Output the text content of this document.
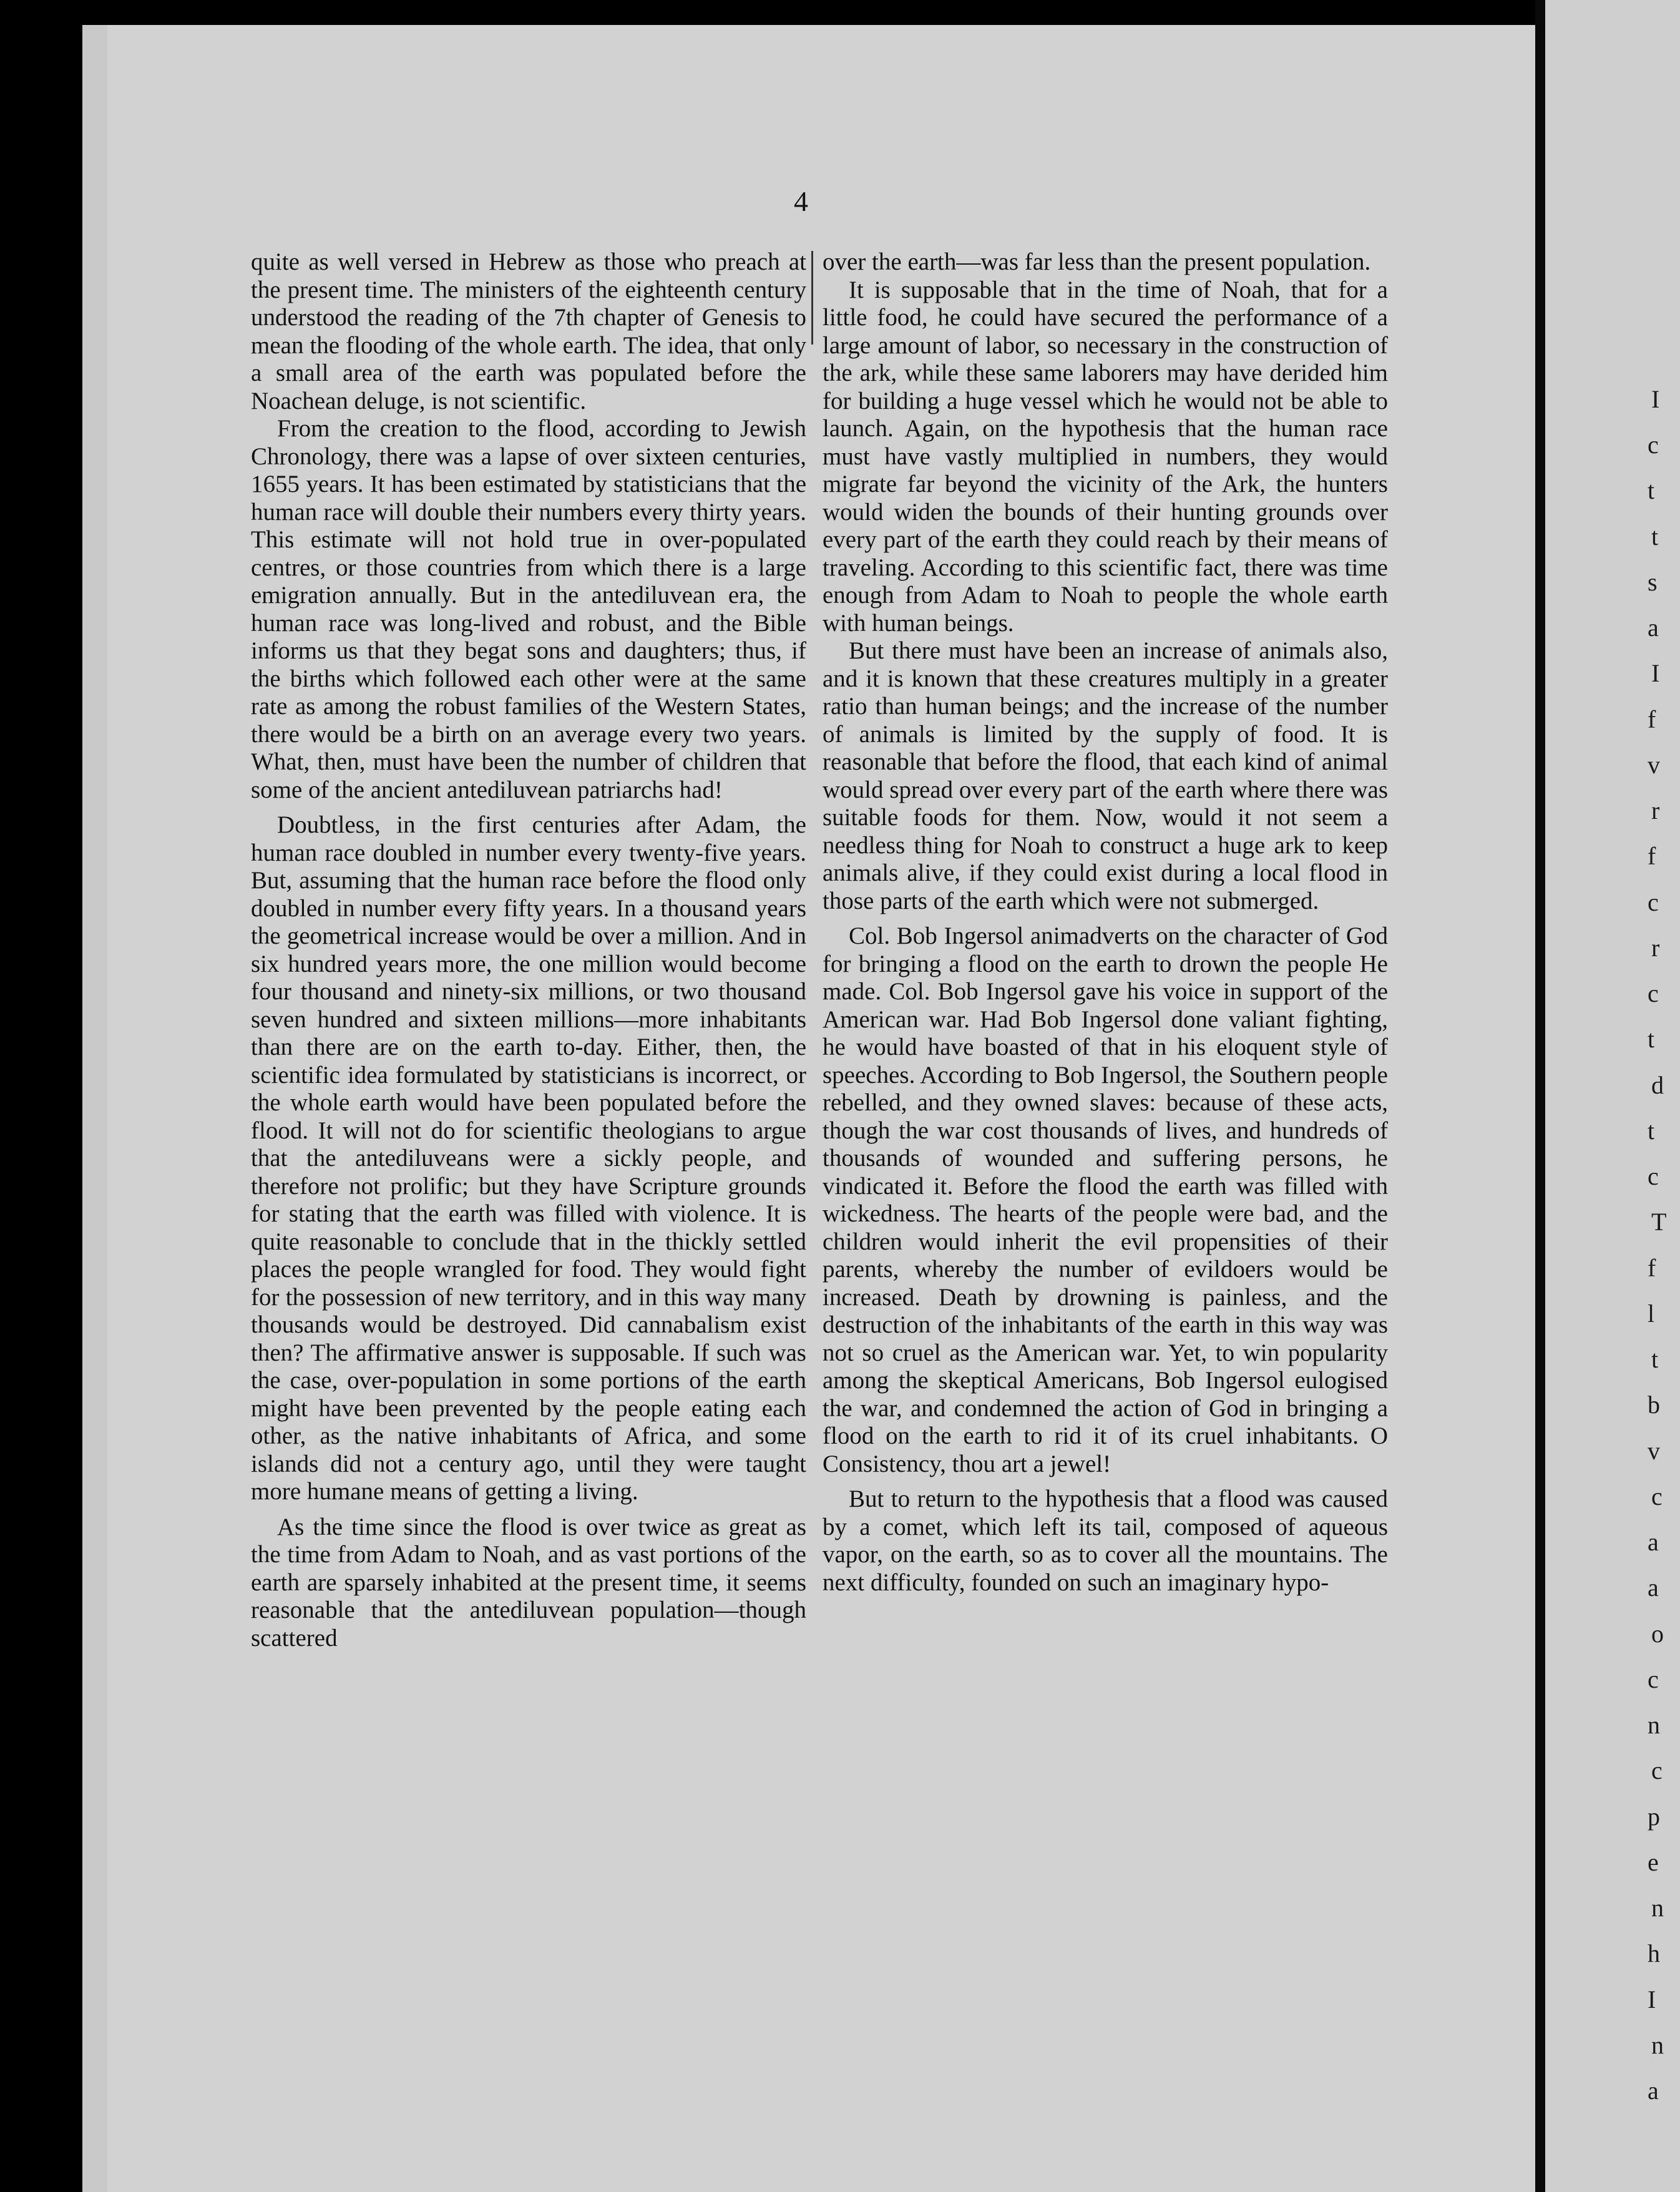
4

quite as well versed in Hebrew as those who preach at the present time. The ministers of the eighteenth century understood the reading of the 7th chapter of Genesis to mean the flooding of the whole earth. The idea, that only a small area of the earth was populated before the Noachean deluge, is not scientific.

From the creation to the flood, according to Jewish Chronology, there was a lapse of over sixteen centuries, 1655 years. It has been estimated by statisticians that the human race will double their numbers every thirty years. This estimate will not hold true in over-populated centres, or those countries from which there is a large emigration annually. But in the antediluvean era, the human race was long-lived and robust, and the Bible informs us that they begat sons and daughters; thus, if the births which followed each other were at the same rate as among the robust families of the Western States, there would be a birth on an average every two years. What, then, must have been the number of children that some of the ancient antediluvean patriarchs had!

Doubtless, in the first centuries after Adam, the human race doubled in number every twenty-five years. But, assuming that the human race before the flood only doubled in number every fifty years. In a thousand years the geometrical increase would be over a million. And in six hundred years more, the one million would become four thousand and ninety-six millions, or two thousand seven hundred and sixteen millions—more inhabitants than there are on the earth to-day. Either, then, the scientific idea formulated by statisticians is incorrect, or the whole earth would have been populated before the flood. It will not do for scientific theologians to argue that the antediluveans were a sickly people, and therefore not prolific; but they have Scripture grounds for stating that the earth was filled with violence. It is quite reasonable to conclude that in the thickly settled places the people wrangled for food. They would fight for the possession of new territory, and in this way many thousands would be destroyed. Did cannabalism exist then? The affirmative answer is supposable. If such was the case, over-population in some portions of the earth might have been prevented by the people eating each other, as the native inhabitants of Africa, and some islands did not a century ago, until they were taught more humane means of getting a living.

As the time since the flood is over twice as great as the time from Adam to Noah, and as vast portions of the earth are sparsely inhabited at the present time, it seems reasonable that the antediluvean population—though scattered

over the earth—was far less than the present population.

It is supposable that in the time of Noah, that for a little food, he could have secured the performance of a large amount of labor, so necessary in the construction of the ark, while these same laborers may have derided him for building a huge vessel which he would not be able to launch. Again, on the hypothesis that the human race must have vastly multiplied in numbers, they would migrate far beyond the vicinity of the Ark, the hunters would widen the bounds of their hunting grounds over every part of the earth they could reach by their means of traveling. According to this scientific fact, there was time enough from Adam to Noah to people the whole earth with human beings.

But there must have been an increase of animals also, and it is known that these creatures multiply in a greater ratio than human beings; and the increase of the number of animals is limited by the supply of food. It is reasonable that before the flood, that each kind of animal would spread over every part of the earth where there was suitable foods for them. Now, would it not seem a needless thing for Noah to construct a huge ark to keep animals alive, if they could exist during a local flood in those parts of the earth which were not submerged.

Col. Bob Ingersol animadverts on the character of God for bringing a flood on the earth to drown the people He made. Col. Bob Ingersol gave his voice in support of the American war. Had Bob Ingersol done valiant fighting, he would have boasted of that in his eloquent style of speeches. According to Bob Ingersol, the Southern people rebelled, and they owned slaves: because of these acts, though the war cost thousands of lives, and hundreds of thousands of wounded and suffering persons, he vindicated it. Before the flood the earth was filled with wickedness. The hearts of the people were bad, and the children would inherit the evil propensities of their parents, whereby the number of evildoers would be increased. Death by drowning is painless, and the destruction of the inhabitants of the earth in this way was not so cruel as the American war. Yet, to win popularity among the skeptical Americans, Bob Ingersol eulogised the war, and condemned the action of God in bringing a flood on the earth to rid it of its cruel inhabitants. O Consistency, thou art a jewel!

But to return to the hypothesis that a flood was caused by a comet, which left its tail, composed of aqueous vapor, on the earth, so as to cover all the mountains. The next difficulty, founded on such an imaginary hypo-

I
c
t
t
s
a
I
f
v
r
f
c
r
c
t
d
t
c
T
f
l
t
b
v
c
a
a
o
c
n
c
p
e
n
h
I
n
a
